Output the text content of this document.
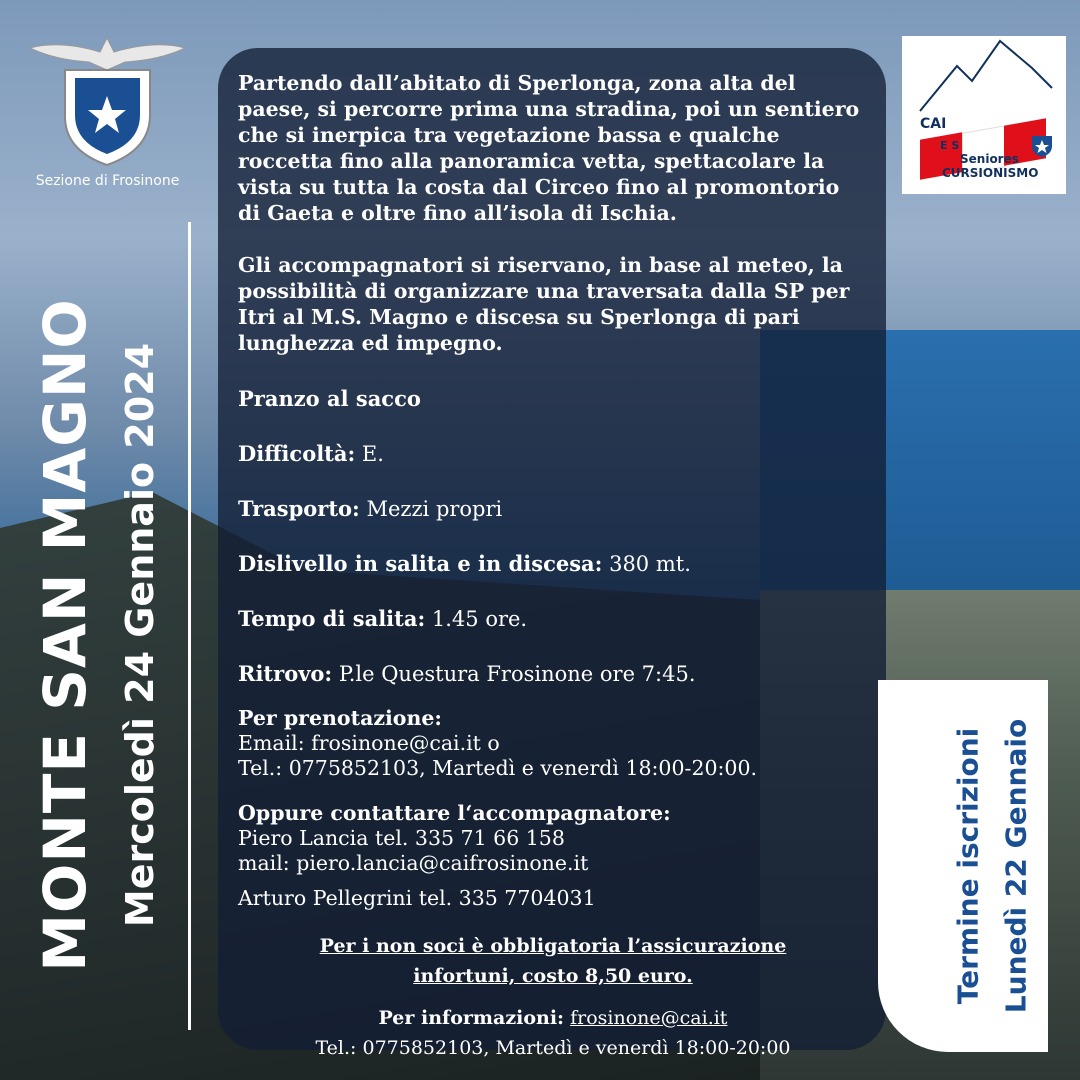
Sezione di Frosinone
MONTE SAN MAGNO Mercoledì 24 Gennaio 2024

Partendo dall’abitato di Sperlonga, zona alta del paese, si percorre prima una stradina, poi un sentiero che si inerpica tra vegetazione bassa e qualche roccetta fino alla panoramica vetta, spettacolare la vista su tutta la costa dal Circeo fino al promontorio di Gaeta e oltre fino all’isola di Ischia.

Gli accompagnatori si riservano, in base al meteo, la possibilità di organizzare una traversata dalla SP per Itri al M.S. Magno e discesa su Sperlonga di pari lunghezza ed impegno.

Pranzo al sacco

Difficoltà: E.

Trasporto: Mezzi propri

Dislivello in salita e in discesa: 380 mt.

Tempo di salita: 1.45 ore.

Ritrovo: P.le Questura Frosinone ore 7:45.

Per prenotazione:

Email: frosinone@cai.it o

Tel.: 0775852103, Martedì e venerdì 18:00-20:00.

Oppure contattare l‘accompagnatore:

Piero Lancia tel. 335 71 66 158

mail: piero.lancia@caifrosinone.it

Arturo Pellegrini tel. 335 7704031

Per i non soci è obbligatoria l’assicurazione
infortuni, costo 8,50 euro.
Per informazioni: frosinone@cai.it
Tel.: 0775852103, Martedì e venerdì 18:00-20:00
CAI
E S
Seniores
CURSIONISMO
Termine iscrizioni Lunedì 22 Gennaio
